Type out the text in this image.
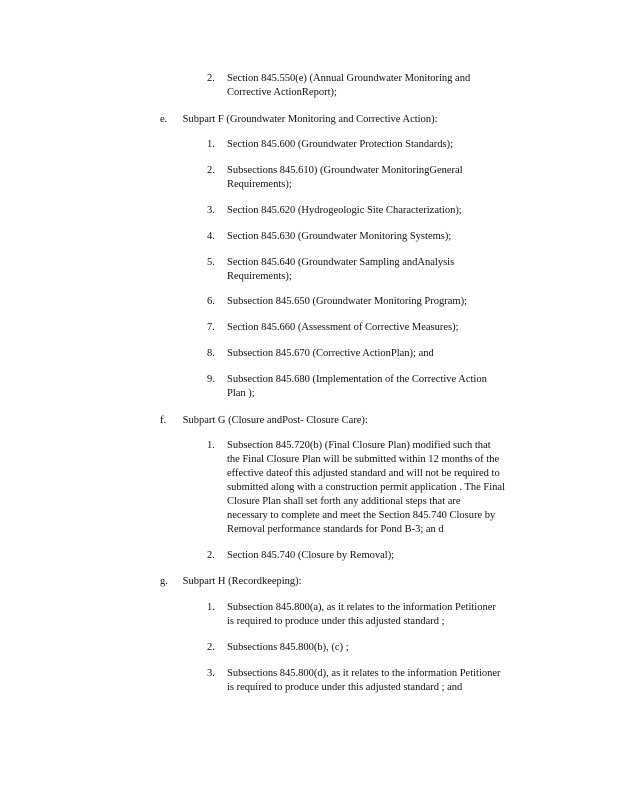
2.	Section 845.550(e) (Annual Groundwater Monitoring and
Corrective ActionReport);
e. Subpart F (Groundwater Monitoring and Corrective Action):
1.	Section 845.600 (Groundwater Protection Standards);
2.	Subsections 845.610) (Groundwater MonitoringGeneral
Requirements);
3.	Section 845.620 (Hydrogeologic Site Characterization);
4.	Section 845.630 (Groundwater Monitoring Systems);
5.	Section 845.640 (Groundwater Sampling andAnalysis
Requirements);
6.	Subsection 845.650 (Groundwater Monitoring Program);
7.	Section 845.660 (Assessment of Corrective Measures);
8.	Subsection 845.670 (Corrective ActionPlan); and
9.	Subsection 845.680 (Implementation of the Corrective Action
Plan );
f. Subpart G (Closure andPost- Closure Care):
1.	Subsection 845.720(b) (Final Closure Plan) modified such that
the Final Closure Plan will be submitted within 12 months of the
effective dateof this adjusted standard and will not be required to
submitted along with a construction permit application . The Final
Closure Plan shall set forth any additional steps that are
necessary to complete and meet the Section 845.740 Closure by
Removal performance standards for Pond B-3; an d
2.	Section 845.740 (Closure by Removal);
g. Subpart H (Recordkeeping):
1.	Subsection 845.800(a), as it relates to the information Petitioner
is required to produce under this adjusted standard ;
2.	Subsections 845.800(b), (c) ;
3.	Subsections 845.800(d), as it relates to the information Petitioner
is required to produce under this adjusted standard ; and
